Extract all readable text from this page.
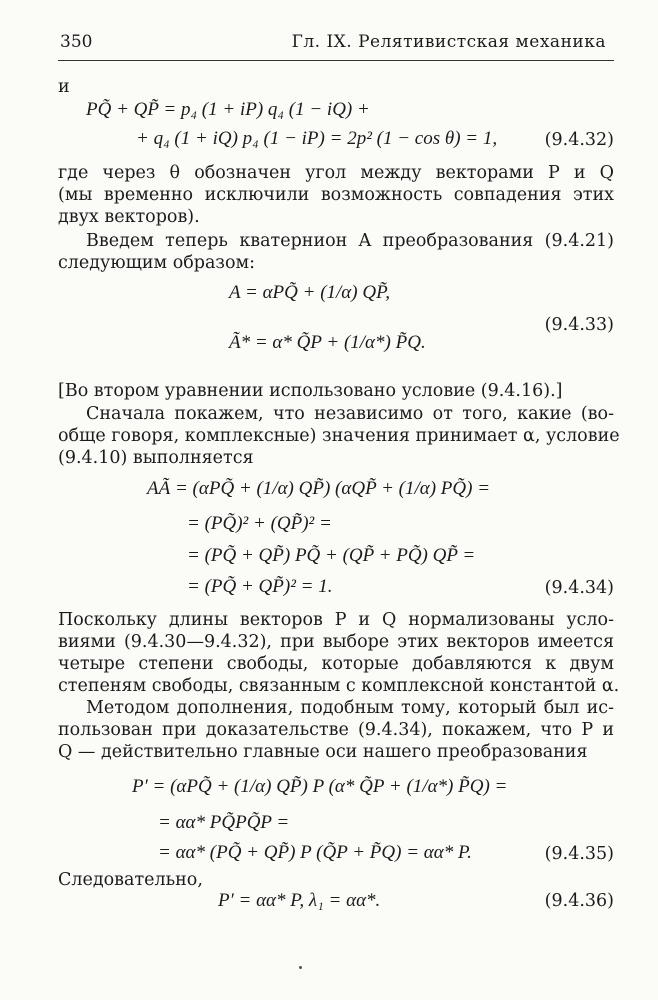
350	Гл. IX. Релятивистская механика
и
PQ̃ + QP̃ = p₄ (1 + iP) q₄ (1 − iQ) +
+ q₄ (1 + iQ) p₄ (1 − iP) = 2p² (1 − cos θ) = 1,	(9.4.32)
где через θ обозначен угол между векторами P и Q
(мы временно исключили возможность совпадения этих
двух векторов).
Введем теперь кватернион A преобразования (9.4.21)
следующим образом:
A = αPQ̃ + (1/α) QP̃,
Ã* = α* Q̃P + (1/α*) P̃Q.
(9.4.33)
[Во втором уравнении использовано условие (9.4.16).]
Сначала покажем, что независимо от того, какие (во-
обще говоря, комплексные) значения принимает α, условие
(9.4.10) выполняется
AÃ = (αPQ̃ + (1/α) QP̃) (αQP̃ + (1/α) PQ̃) =
= (PQ̃)² + (QP̃)² =
= (PQ̃ + QP̃) PQ̃ + (QP̃ + PQ̃) QP̃ =
= (PQ̃ + QP̃)² = 1.	(9.4.34)
Поскольку длины векторов P и Q нормализованы усло-
виями (9.4.30—9.4.32), при выборе этих векторов имеется
четыре степени свободы, которые добавляются к двум
степеням свободы, связанным с комплексной константой α.
Методом дополнения, подобным тому, который был ис-
пользован при доказательстве (9.4.34), покажем, что P и
Q — действительно главные оси нашего преобразования
P′ = (αPQ̃ + (1/α) QP̃) P (α* Q̃P + (1/α*) P̃Q) =
= αα* PQ̃PQ̃P =
= αα* (PQ̃ + QP̃) P (Q̃P + P̃Q) = αα* P.	(9.4.35)
Следовательно,
P′ = αα* P, λ₁ = αα*.	(9.4.36)
